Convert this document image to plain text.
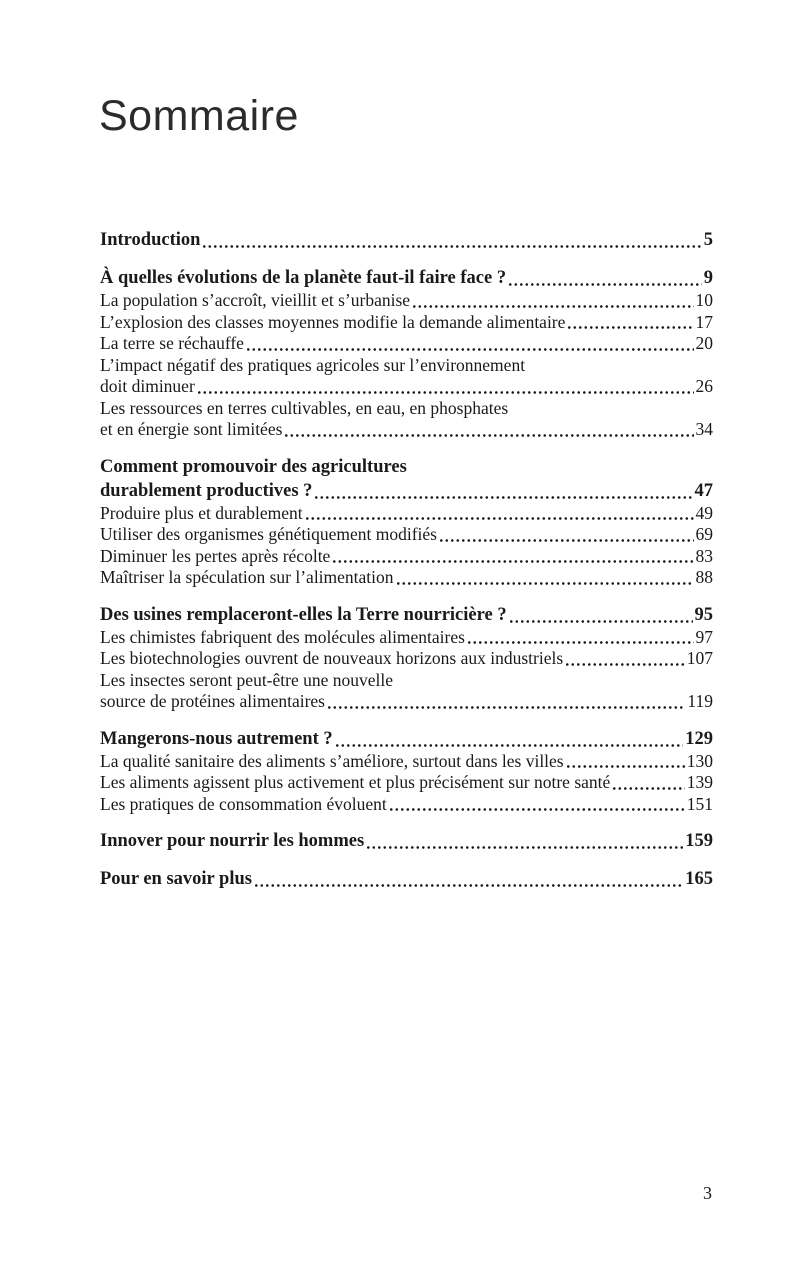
Sommaire
Introduction	5
À quelles évolutions de la planète faut-il faire face ?	9
La population s’accroît, vieillit et s’urbanise	10
L’explosion des classes moyennes modifie la demande alimentaire	17
La terre se réchauffe	20
L’impact négatif des pratiques agricoles sur l’environnement
doit diminuer	26
Les ressources en terres cultivables, en eau, en phosphates
et en énergie sont limitées	34
Comment promouvoir des agricultures
durablement productives ?	47
Produire plus et durablement	49
Utiliser des organismes génétiquement modifiés	69
Diminuer les pertes après récolte	83
Maîtriser la spéculation sur l’alimentation	88
Des usines remplaceront-elles la Terre nourricière ?	95
Les chimistes fabriquent des molécules alimentaires	97
Les biotechnologies ouvrent de nouveaux horizons aux industriels	107
Les insectes seront peut-être une nouvelle
source de protéines alimentaires	119
Mangerons-nous autrement ?	129
La qualité sanitaire des aliments s’améliore, surtout dans les villes	130
Les aliments agissent plus activement et plus précisément sur notre santé	139
Les pratiques de consommation évoluent	151
Innover pour nourrir les hommes	159
Pour en savoir plus	165
3
